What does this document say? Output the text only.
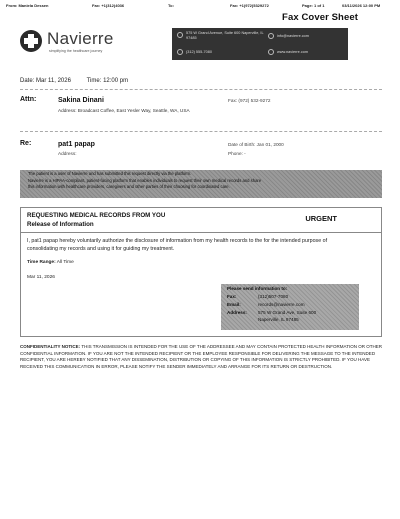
From: Maniela Dessen	Fax: +1(312)4036	To:	Fax: +1(972)5329272	Page: 1 of 1	03/11/2026 12:00 PM
Fax Cover Sheet
Navierre
simplifying the healthcare journey
575 W Grand Avenue, Suite 600 Naperville, IL 97485
(312) 555-7080
info@navierre.com
www.navierre.com
Date: Mar 11, 2026	Time: 12:00 pm
Attn:	Sakina Dinani
Address: Broadcast Coffee, East Yesler Way, Seattle, WA, USA
Fax: (972) 532-9272
Re:	pat1 papap
Address:
Date of Birth: Jan 01, 2000
Phone: -
The patient is a user of Navierre and has submitted this request directly via the platform.
Navierre is a HIPAA-compliant, patient-facing platform that enables individuals to request their own medical records and share
this information with healthcare providers, caregivers and other parties of their choosing for coordinated care.
REQUESTING MEDICAL RECORDS FROM YOU
Release of Information
URGENT
I, pat1 papap hereby voluntarily authorize the disclosure of information from my health records to the for the intended purpose of consolidating my records and using it for guiding my treatment.
Time Range: All Time
Mar 11, 2026
Please send information to:
Fax:	(312)507-7080
Email:	records@navierre.com
Address: 575 W Grand Ave, Suite 600
Naperville, IL 97485
CONFIDENTIALITY NOTICE: THIS TRANSMISSION IS INTENDED FOR THE USE OF THE ADDRESSEE AND MAY CONTAIN PROTECTED HEALTH INFORMATION OR OTHER CONFIDENTIAL INFORMATION. IF YOU ARE NOT THE INTENDED RECIPIENT OR THE EMPLOYEE RESPONSIBLE FOR DELIVERING THE MESSAGE TO THE INTENDED RECIPIENT, YOU ARE HEREBY NOTIFIED THAT ANY DISSEMINATION, DISTRIBUTION OR COPYING OF THIS INFORMATION IS STRICTLY PROHIBITED. IF YOU HAVE RECEIVED THIS COMMUNICATION IN ERROR, PLEASE NOTIFY THE SENDER IMMEDIATELY AND ARRANGE FOR ITS RETURN OR DESTRUCTION.
